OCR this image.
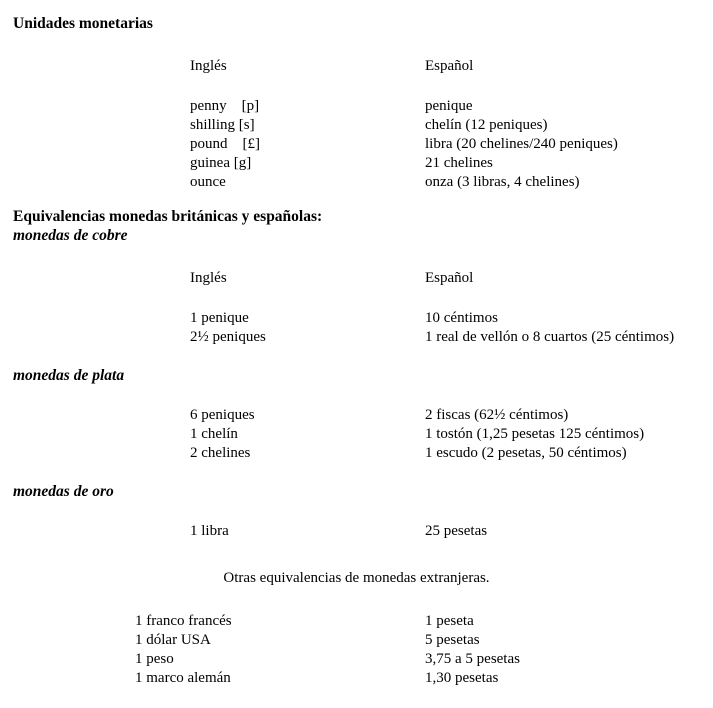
Unidades monetarias
Inglés	Español
penny    [p]	penique
shilling [s]	chelín (12 peniques)
pound    [£]	libra (20 chelines/240 peniques)
guinea [g]	21 chelines
ounce	onza (3 libras, 4 chelines)
Equivalencias monedas británicas y españolas:
monedas de cobre
Inglés	Español
1 penique	10 céntimos
2½ peniques	1 real de vellón o 8 cuartos (25 céntimos)
monedas de plata
6 peniques	2 fiscas (62½ céntimos)
1 chelín	1 tostón (1,25 pesetas 125 céntimos)
2 chelines	1 escudo (2 pesetas, 50 céntimos)
monedas de oro
1 libra	25 pesetas
Otras equivalencias de monedas extranjeras.
1 franco francés	1 peseta
1 dólar USA	5 pesetas
1 peso	3,75 a 5 pesetas
1 marco alemán	1,30 pesetas
